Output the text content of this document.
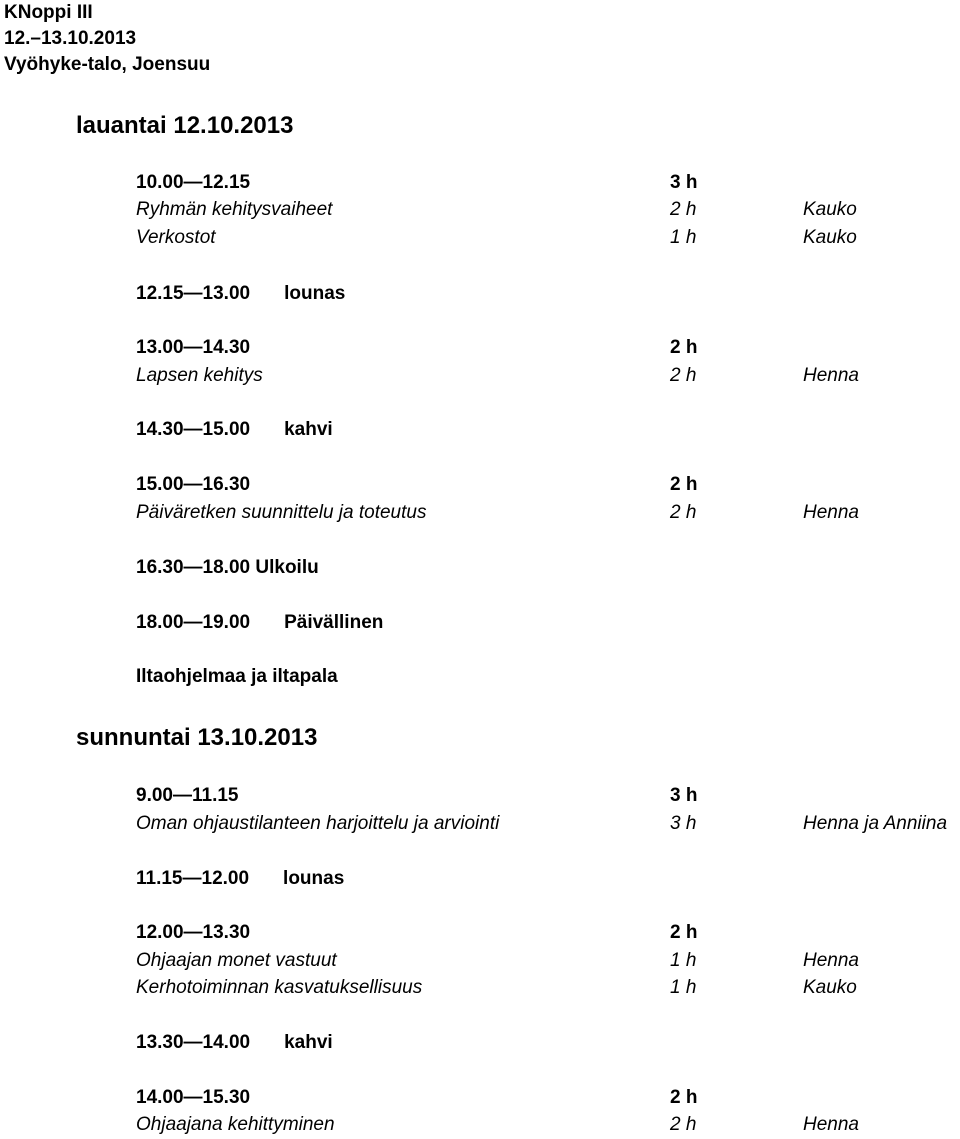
KNoppi III
12.–13.10.2013
Vyöhyke-talo, Joensuu
lauantai 12.10.2013
10.00—12.15	3 h
Ryhmän kehitysvaiheet	2 h	Kauko
Verkostot	1 h	Kauko
12.15—13.00 lounas
13.00—14.30	2 h
Lapsen kehitys	2 h	Henna
14.30—15.00 kahvi
15.00—16.30	2 h
Päiväretken suunnittelu ja toteutus	2 h	Henna
16.30—18.00 Ulkoilu
18.00—19.00 Päivällinen
Iltaohjelmaa ja iltapala
sunnuntai 13.10.2013
9.00—11.15	3 h
Oman ohjaustilanteen harjoittelu ja arviointi	3 h	Henna ja Anniina
11.15—12.00 lounas
12.00—13.30	2 h
Ohjaajan monet vastuut	1 h	Henna
Kerhotoiminnan kasvatuksellisuus	1 h	Kauko
13.30—14.00 kahvi
14.00—15.30	2 h
Ohjaajana kehittyminen	2 h	Henna
